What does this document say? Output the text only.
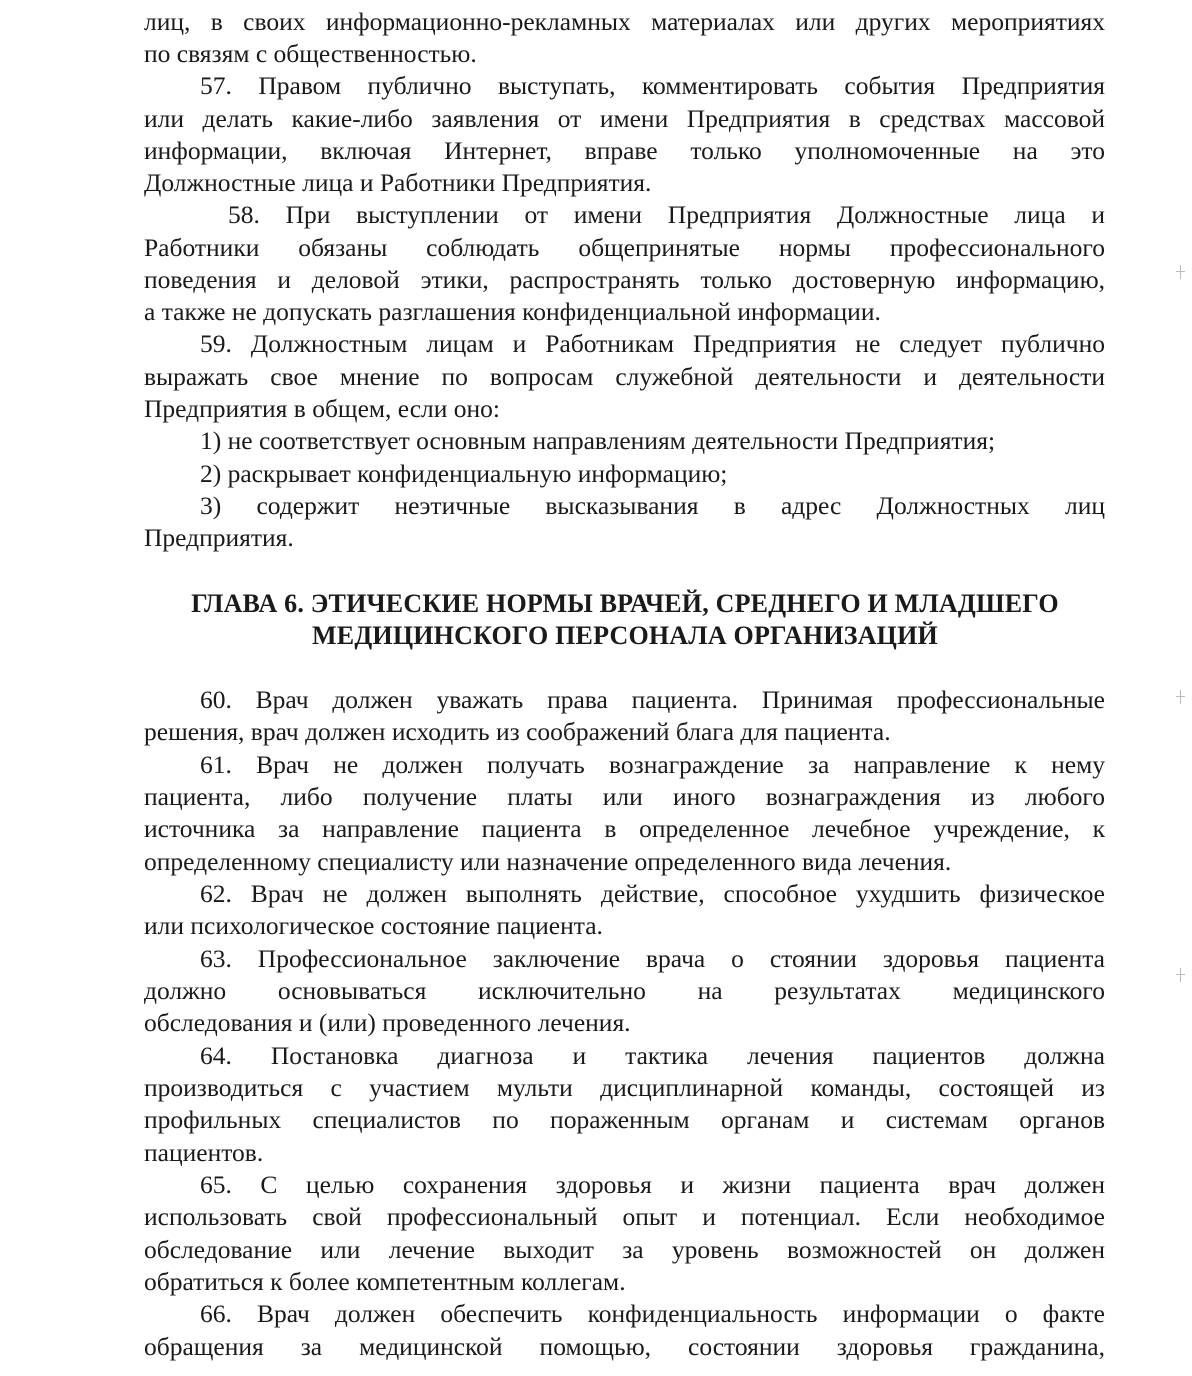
лиц, в своих информационно-рекламных материалах или других мероприятиях

по связям с общественностью.

57. Правом публично выступать, комментировать события Предприятия

или делать какие-либо заявления от имени Предприятия в средствах массовой

информации, включая Интернет, вправе только уполномоченные на это

Должностные лица и Работники Предприятия.

58. При выступлении от имени Предприятия Должностные лица и

Работники обязаны соблюдать общепринятые нормы профессионального

поведения и деловой этики, распространять только достоверную информацию,

а также не допускать разглашения конфиденциальной информации.

59. Должностным лицам и Работникам Предприятия не следует публично

выражать свое мнение по вопросам служебной деятельности и деятельности

Предприятия в общем, если оно:

1) не соответствует основным направлениям деятельности Предприятия;

2) раскрывает конфиденциальную информацию;

3) содержит неэтичные высказывания в адрес Должностных лиц

Предприятия.

ГЛАВА 6. ЭТИЧЕСКИЕ НОРМЫ ВРАЧЕЙ, СРЕДНЕГО И МЛАДШЕГО

МЕДИЦИНСКОГО ПЕРСОНАЛА ОРГАНИЗАЦИЙ

60. Врач должен уважать права пациента. Принимая профессиональные

решения, врач должен исходить из соображений блага для пациента.

61. Врач не должен получать вознаграждение за направление к нему

пациента, либо получение платы или иного вознаграждения из любого

источника за направление пациента в определенное лечебное учреждение, к

определенному специалисту или назначение определенного вида лечения.

62. Врач не должен выполнять действие, способное ухудшить физическое

или психологическое состояние пациента.

63. Профессиональное заключение врача о стоянии здоровья пациента

должно основываться исключительно на результатах медицинского

обследования и (или) проведенного лечения.

64. Постановка диагноза и тактика лечения пациентов должна

производиться с участием мульти дисциплинарной команды, состоящей из

профильных специалистов по пораженным органам и системам органов

пациентов.

65. С целью сохранения здоровья и жизни пациента врач должен

использовать свой профессиональный опыт и потенциал. Если необходимое

обследование или лечение выходит за уровень возможностей он должен

обратиться к более компетентным коллегам.

66. Врач должен обеспечить конфиденциальность информации о факте

обращения за медицинской помощью, состоянии здоровья гражданина,
